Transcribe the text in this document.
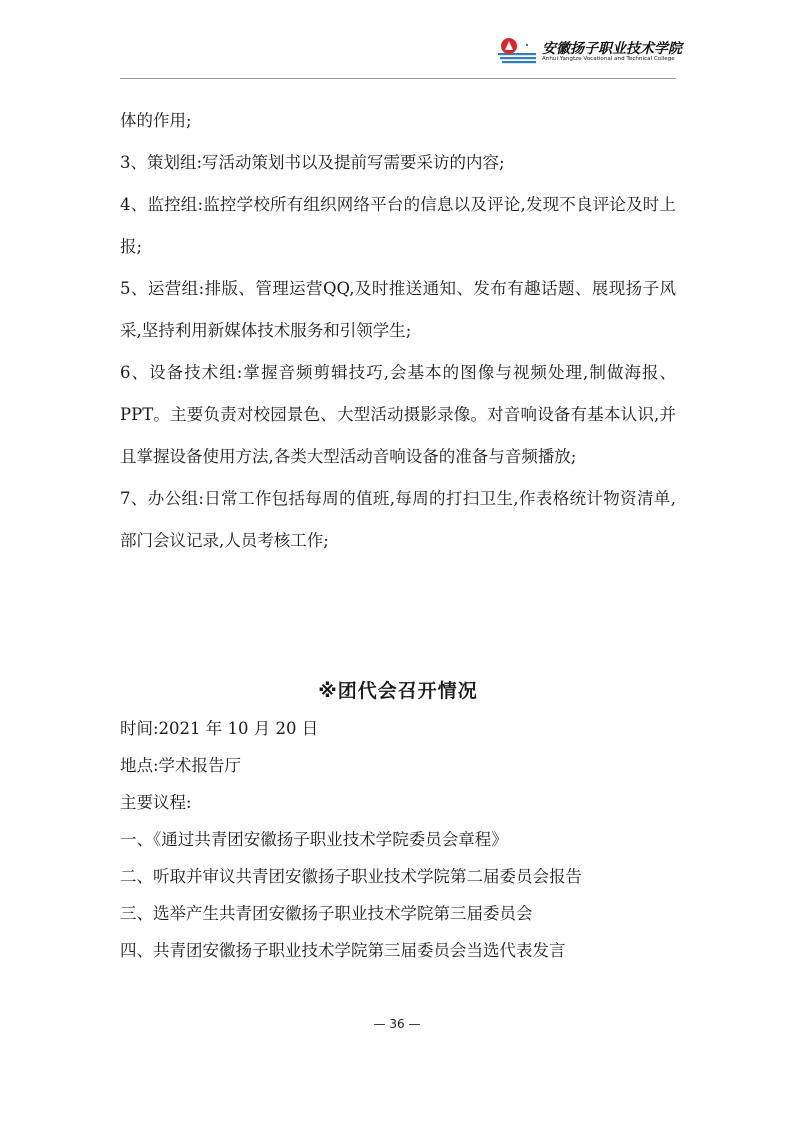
安徽扬子职业技术学院
Anhui Yangtze Vocational and Technical College

体的作用;

3、策划组:写活动策划书以及提前写需要采访的内容;

4、监控组:监控学校所有组织网络平台的信息以及评论,发现不良评论及时上报;

5、运营组:排版、管理运营QQ,及时推送通知、发布有趣话题、展现扬子风采,坚持利用新媒体技术服务和引领学生;

6、设备技术组:掌握音频剪辑技巧,会基本的图像与视频处理,制做海报、PPT。主要负责对校园景色、大型活动摄影录像。对音响设备有基本认识,并且掌握设备使用方法,各类大型活动音响设备的准备与音频播放;

7、办公组:日常工作包括每周的值班,每周的打扫卫生,作表格统计物资清单,部门会议记录,人员考核工作;

※团代会召开情况

时间:2021 年 10 月 20 日

地点:学术报告厅

主要议程:

一、《通过共青团安徽扬子职业技术学院委员会章程》

二、听取并审议共青团安徽扬子职业技术学院第二届委员会报告

三、选举产生共青团安徽扬子职业技术学院第三届委员会

四、共青团安徽扬子职业技术学院第三届委员会当选代表发言

— 36 —
